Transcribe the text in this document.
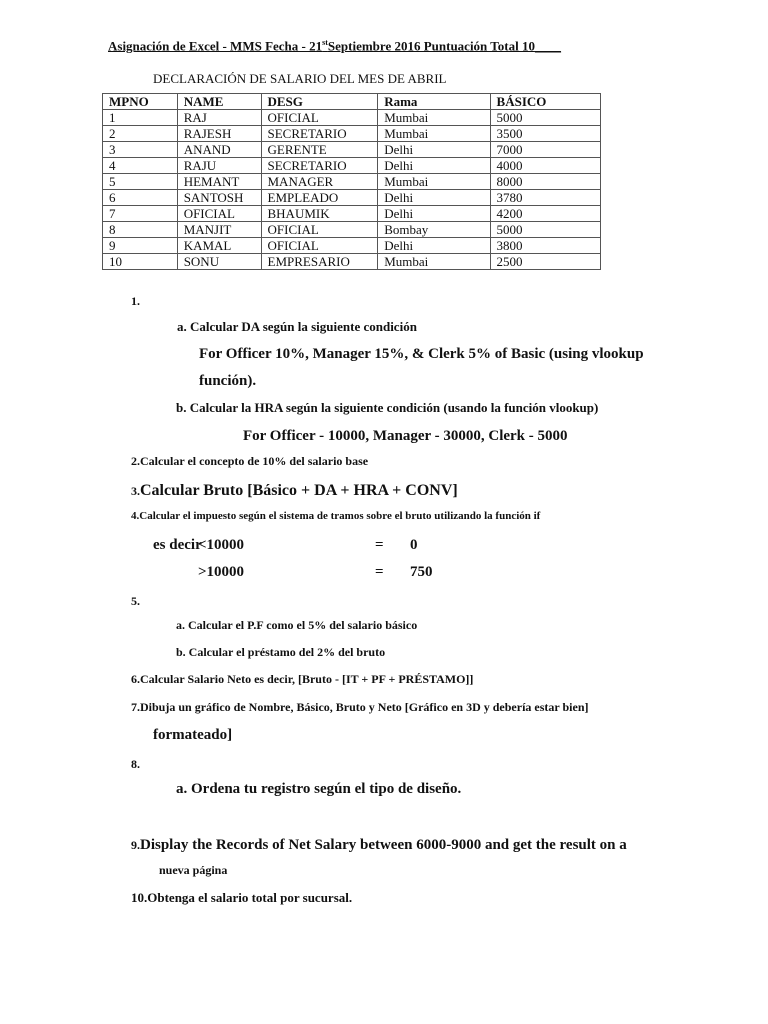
Asignación de Excel - MMS Fecha - 21stSeptiembre 2016 Puntuación Total 10____
DECLARACIÓN DE SALARIO DEL MES DE ABRIL
MPNO	NAME	DESG	Rama	BÁSICO
1	RAJ	OFICIAL	Mumbai	5000
2	RAJESH	SECRETARIO	Mumbai	3500
3	ANAND	GERENTE	Delhi	7000
4	RAJU	SECRETARIO	Delhi	4000
5	HEMANT	MANAGER	Mumbai	8000
6	SANTOSH	EMPLEADO	Delhi	3780
7	OFICIAL	BHAUMIK	Delhi	4200
8	MANJIT	OFICIAL	Bombay	5000
9	KAMAL	OFICIAL	Delhi	3800
10	SONU	EMPRESARIO	Mumbai	2500
1.
a. Calcular DA según la siguiente condición
For Officer 10%, Manager 15%, & Clerk 5% of Basic (using vlookup
función).
b. Calcular la HRA según la siguiente condición (usando la función vlookup)
For Officer - 10000, Manager - 30000, Clerk - 5000
2.Calcular el concepto de 10% del salario base
3.Calcular Bruto [Básico + DA + HRA + CONV]
4.Calcular el impuesto según el sistema de tramos sobre el bruto utilizando la función if
es decir
<10000	= 0
>10000	= 750
5.
a. Calcular el P.F como el 5% del salario básico
b. Calcular el préstamo del 2% del bruto
6.Calcular Salario Neto es decir, [Bruto - [IT + PF + PRÉSTAMO]]
7.Dibuja un gráfico de Nombre, Básico, Bruto y Neto [Gráfico en 3D y debería estar bien]
formateado]
8.
a. Ordena tu registro según el tipo de diseño.
9.Display the Records of Net Salary between 6000-9000 and get the result on a
nueva página
10.Obtenga el salario total por sucursal.
